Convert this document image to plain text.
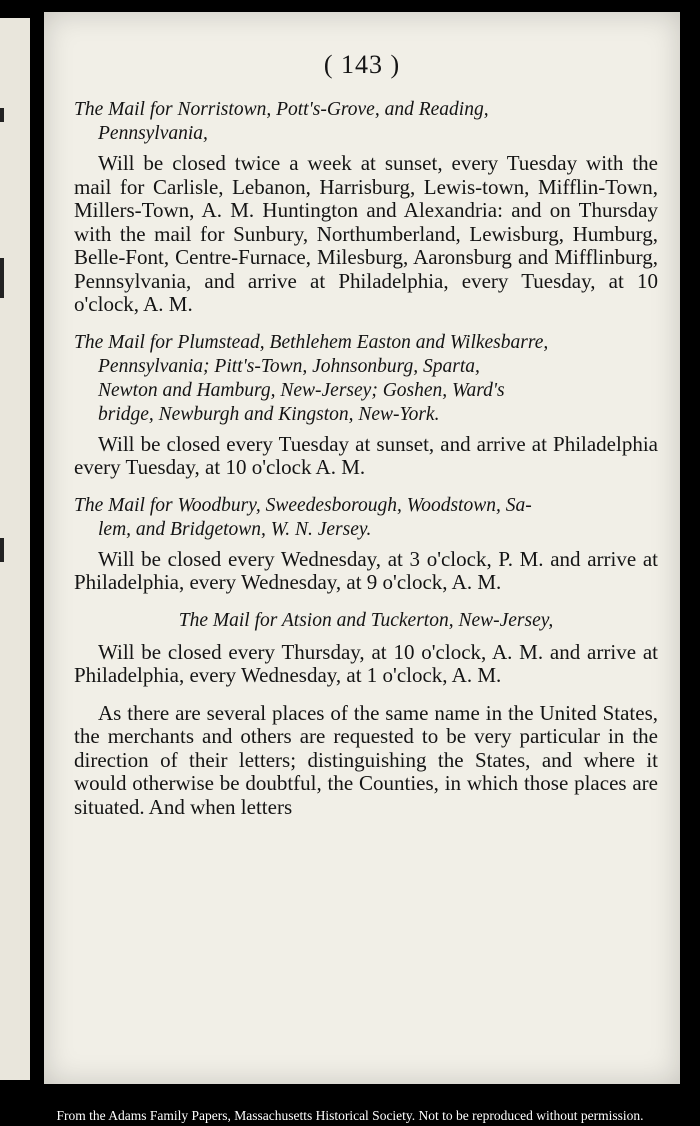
( 143 )
The Mail for Norristown, Pott's-Grove, and Reading,
Pennsylvania,

Will be closed twice a week at sunset, every Tuesday with the mail for Carlisle, Lebanon, Harrisburg, Lewis-town, Mifflin-Town, Millers-Town, A. M. Huntington and Alexandria: and on Thursday with the mail for Sunbury, Northumberland, Lewisburg, Humburg, Belle-Font, Centre-Furnace, Milesburg, Aaronsburg and Mifflinburg, Pennsylvania, and arrive at Philadelphia, every Tuesday, at 10 o'clock, A. M.

The Mail for Plumstead, Bethlehem Easton and Wilkesbarre,
Pennsylvania; Pitt's-Town, Johnsonburg, Sparta,
Newton and Hamburg, New-Jersey; Goshen, Ward's
bridge, Newburgh and Kingston, New-York.

Will be closed every Tuesday at sunset, and arrive at Philadelphia every Tuesday, at 10 o'clock A. M.

The Mail for Woodbury, Sweedesborough, Woodstown, Sa-
lem, and Bridgetown, W. N. Jersey.

Will be closed every Wednesday, at 3 o'clock, P. M. and arrive at Philadelphia, every Wednesday, at 9 o'clock, A. M.

The Mail for Atsion and Tuckerton, New-Jersey,

Will be closed every Thursday, at 10 o'clock, A. M. and arrive at Philadelphia, every Wednesday, at 1 o'clock, A. M.

As there are several places of the same name in the United States, the merchants and others are requested to be very particular in the direction of their letters; distinguishing the States, and where it would otherwise be doubtful, the Counties, in which those places are situated. And when letters

From the Adams Family Papers, Massachusetts Historical Society. Not to be reproduced without permission.
